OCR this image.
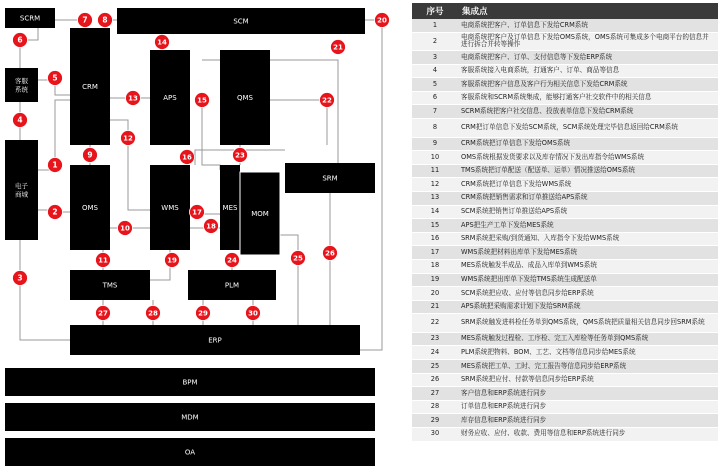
SCRM	SCM
客服系统	CRM
APS	QMS
电子商城
OMS	WMS	MES
MOM
SRM
TMS	PLM
ERP
BPM
MDM
OA
1
2
3
4
5
6
7 8
9
10
11
12
13
14
15
16
17
18
19
20
21
22
23
24	25
26
27	28	29	30
序号	集成点
1	电商系统把客户、订单信息下发给CRM系统
2	电商系统把客户及订单信息下发给OMS系统，OMS系统可集成多个电商平台的信息并进行拆合并转等操作
3	电商系统把客户、订单、支付信息等下发给ERP系统
4	客服系统接入电商系统，打通客户、订单、商品等信息
5	客服系统把客户信息及客户行为相关信息下发给CRM系统
6	客服系统和SCRM系统集成，能够打通客户社交软件中的相关信息
7	SCRM系统把客户社交信息、投放表单信息下发给CRM系统
8	CRM把订单信息下发给SCM系统，SCM系统处理完毕信息返回给CRM系统
9	CRM系统把订单信息下发给OMS系统
10	OMS系统根据发货要求以及库存情况下发出库指令给WMS系统
11	TMS系统把订单配送（配送单、运单）情况推送给OMS系统
12	CRM系统把订单信息下发给WMS系统
13	CRM系统把销售需求和订单推送给APS系统
14	SCM系统把销售订单推送给APS系统
15	APS把生产工单下发给MES系统
16	SRM系统把采购/到货通知、入库指令下发给WMS系统
17	WMS系统把材料出库单下发给MES系统
18	MES系统触发半成品、成品入库单到WMS系统
19	WMS系统把出库单下发给TMS系统生成配送单
20	SCM系统把应收、应付等信息同步给ERP系统
21	APS系统把采购需求计划下发给SRM系统
22	SRM系统触发进料检任务单到QMS系统，QMS系统把质量相关信息同步回SRM系统
23	MES系统触发过程检、工序检、完工入库检等任务单到QMS系统
24	PLM系统把物料、BOM、工艺、文档等信息同步给MES系统
25	MES系统把工单、工时、完工报告等信息同步给ERP系统
26	SRM系统把应付、付款等信息同步给ERP系统
27	客户信息和ERP系统进行同步
28	订单信息和ERP系统进行同步
29	库存信息和ERP系统进行同步
30	财务应收、应付、收款、费用等信息和ERP系统进行同步
